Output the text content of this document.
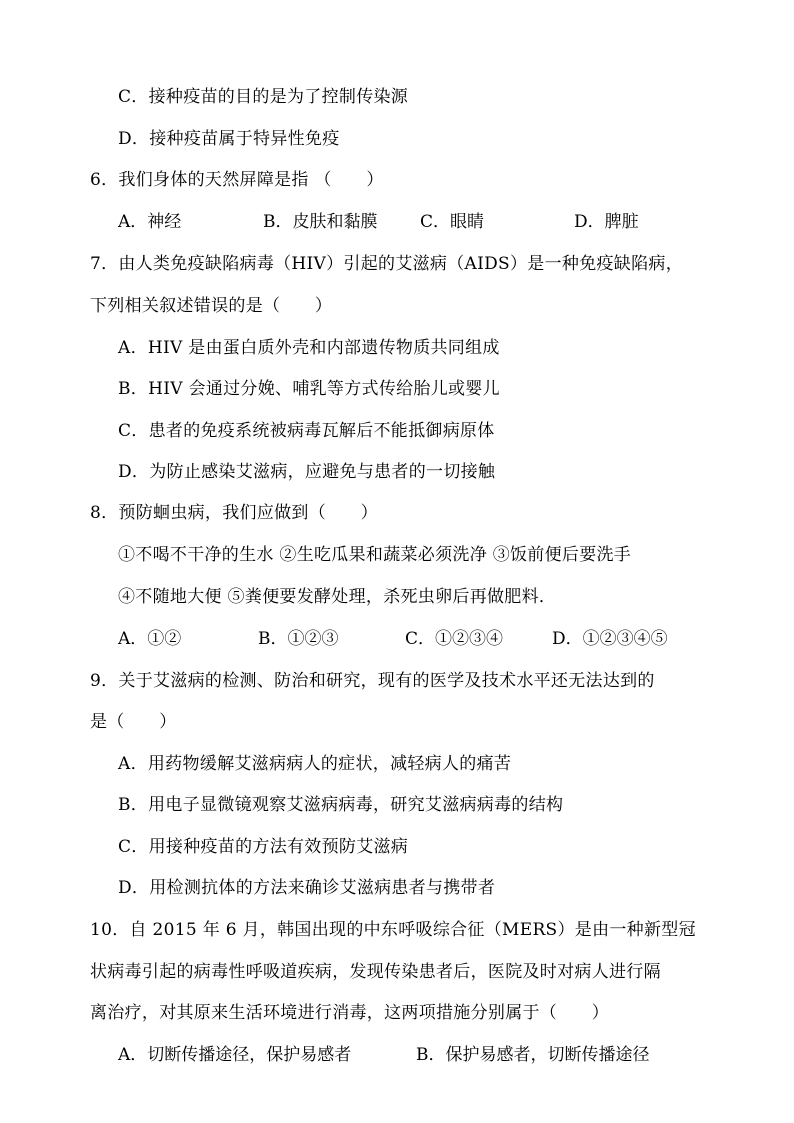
C．接种疫苗的目的是为了控制传染源
D．接种疫苗属于特异性免疫
6．我们身体的天然屏障是指 （　　）
A．神经	B．皮肤和黏膜	C．眼睛	D．脾脏
7．由人类免疫缺陷病毒（HIV）引起的艾滋病（AIDS）是一种免疫缺陷病，
下列相关叙述错误的是（　　）
A．HIV 是由蛋白质外壳和内部遗传物质共同组成
B．HIV 会通过分娩、哺乳等方式传给胎儿或婴儿
C．患者的免疫系统被病毒瓦解后不能抵御病原体
D．为防止感染艾滋病，应避免与患者的一切接触
8．预防蛔虫病，我们应做到（　　）
①不喝不干净的生水 ②生吃瓜果和蔬菜必须洗净 ③饭前便后要洗手
④不随地大便 ⑤粪便要发酵处理，杀死虫卵后再做肥料．
A．①②	B．①②③	C．①②③④	D．①②③④⑤
9．关于艾滋病的检测、防治和研究，现有的医学及技术水平还无法达到的
是（　　）
A．用药物缓解艾滋病病人的症状，减轻病人的痛苦
B．用电子显微镜观察艾滋病病毒，研究艾滋病病毒的结构
C．用接种疫苗的方法有效预防艾滋病
D．用检测抗体的方法来确诊艾滋病患者与携带者
10．自 2015 年 6 月，韩国出现的中东呼吸综合征（MERS）是由一种新型冠
状病毒引起的病毒性呼吸道疾病，发现传染患者后，医院及时对病人进行隔
离治疗，对其原来生活环境进行消毒，这两项措施分别属于（　　）
A．切断传播途径，保护易感者	B．保护易感者，切断传播途径
